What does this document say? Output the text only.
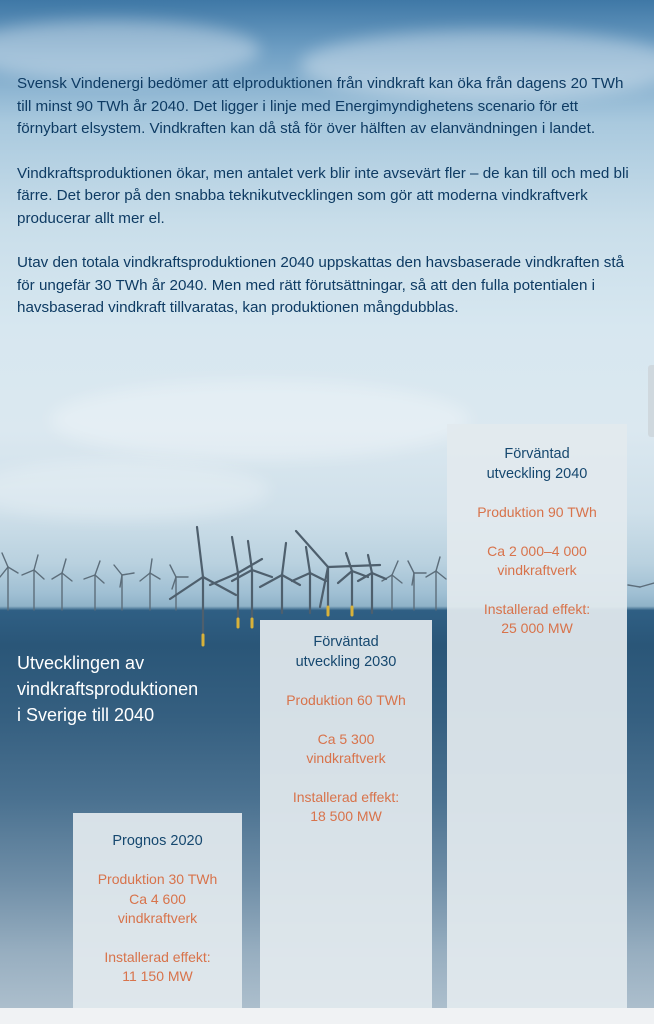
Svensk Vindenergi bedömer att elproduktionen från vindkraft kan öka från dagens 20 TWh till minst 90 TWh år 2040. Det ligger i linje med Energimyndighetens scenario för ett förnybart elsystem. Vindkraften kan då stå för över hälften av elanvändningen i landet.

Vindkraftsproduktionen ökar, men antalet verk blir inte avsevärt fler – de kan till och med bli färre. Det beror på den snabba teknikutvecklingen som gör att moderna vindkraftverk producerar allt mer el.

Utav den totala vindkraftsproduktionen 2040 uppskattas den havsbaserade vindkraften stå för ungefär 30 TWh år 2040. Men med rätt förutsättningar, så att den fulla potentialen i havsbaserad vindkraft tillvaratas, kan produktionen mångdubblas.

Utvecklingen av
vindkraftsproduktionen
i Sverige till 2040
Prognos 2020
Produktion 30 TWh
Ca 4 600
vindkraftverk
Installerad effekt:
11 150 MW
Förväntad
utveckling 2030
Produktion 60 TWh
Ca 5 300
vindkraftverk
Installerad effekt:
18 500 MW
Förväntad
utveckling 2040
Produktion 90 TWh
Ca 2 000–4 000
vindkraftverk
Installerad effekt:
25 000 MW
